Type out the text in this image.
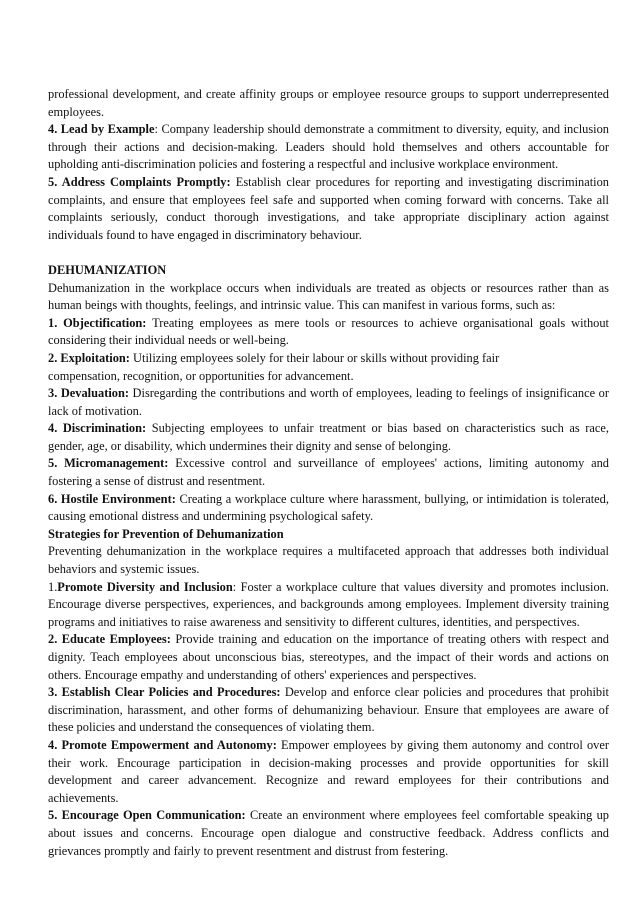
professional development, and create affinity groups or employee resource groups to support underrepresented employees.

4. Lead by Example: Company leadership should demonstrate a commitment to diversity, equity, and inclusion through their actions and decision-making. Leaders should hold themselves and others accountable for upholding anti-discrimination policies and fostering a respectful and inclusive workplace environment.

5. Address Complaints Promptly: Establish clear procedures for reporting and investigating discrimination complaints, and ensure that employees feel safe and supported when coming forward with concerns. Take all complaints seriously, conduct thorough investigations, and take appropriate disciplinary action against individuals found to have engaged in discriminatory behaviour.

DEHUMANIZATION

Dehumanization in the workplace occurs when individuals are treated as objects or resources rather than as human beings with thoughts, feelings, and intrinsic value. This can manifest in various forms, such as:

1. Objectification: Treating employees as mere tools or resources to achieve organisational goals without considering their individual needs or well-being.

2. Exploitation: Utilizing employees solely for their labour or skills without providing fair
compensation, recognition, or opportunities for advancement.

3. Devaluation: Disregarding the contributions and worth of employees, leading to feelings of insignificance or lack of motivation.

4. Discrimination: Subjecting employees to unfair treatment or bias based on characteristics such as race, gender, age, or disability, which undermines their dignity and sense of belonging.

5. Micromanagement: Excessive control and surveillance of employees' actions, limiting autonomy and fostering a sense of distrust and resentment.

6. Hostile Environment: Creating a workplace culture where harassment, bullying, or intimidation is tolerated, causing emotional distress and undermining psychological safety.

Strategies for Prevention of Dehumanization

Preventing dehumanization in the workplace requires a multifaceted approach that addresses both individual behaviors and systemic issues.

1.Promote Diversity and Inclusion: Foster a workplace culture that values diversity and promotes inclusion. Encourage diverse perspectives, experiences, and backgrounds among employees. Implement diversity training programs and initiatives to raise awareness and sensitivity to different cultures, identities, and perspectives.

2. Educate Employees: Provide training and education on the importance of treating others with respect and dignity. Teach employees about unconscious bias, stereotypes, and the impact of their words and actions on others. Encourage empathy and understanding of others' experiences and perspectives.

3. Establish Clear Policies and Procedures: Develop and enforce clear policies and procedures that prohibit discrimination, harassment, and other forms of dehumanizing behaviour. Ensure that employees are aware of these policies and understand the consequences of violating them.

4. Promote Empowerment and Autonomy: Empower employees by giving them autonomy and control over their work. Encourage participation in decision-making processes and provide opportunities for skill development and career advancement. Recognize and reward employees for their contributions and achievements.

5. Encourage Open Communication: Create an environment where employees feel comfortable speaking up about issues and concerns. Encourage open dialogue and constructive feedback. Address conflicts and grievances promptly and fairly to prevent resentment and distrust from festering.
